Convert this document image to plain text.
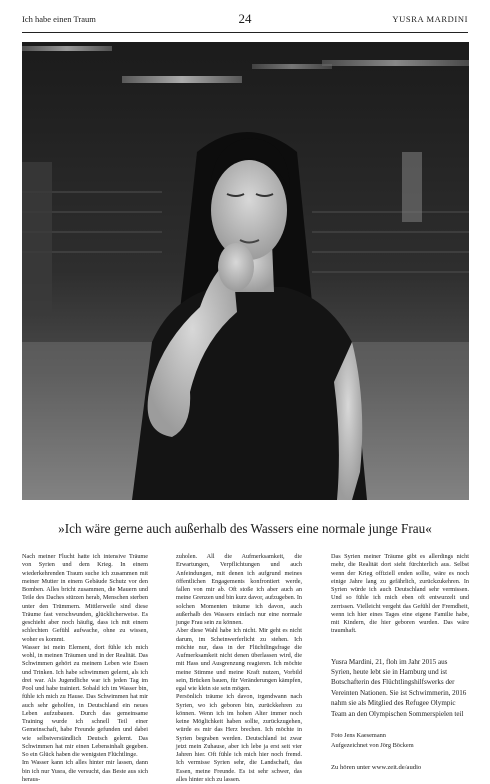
Ich habe einen Traum	24	YUSRA MARDINI
»Ich wäre gerne auch außerhalb des Wassers eine normale junge Frau«

Nach meiner Flucht hatte ich intensive Träume von Syrien und dem Krieg. In einem wiederkehrenden Traum suche ich zusammen mit meiner Mutter in einem Gebäude Schutz vor den Bomben. Alles bricht zusammen, die Mauern und Teile des Daches stürzen herab, Menschen sterben unter den Trümmern. Mittlerweile sind diese Träume fast verschwunden, glücklicherweise. Es geschieht aber noch häufig, dass ich mit einem schlechten Gefühl aufwache, ohne zu wissen, woher es kommt.

Wasser ist mein Element, dort fühle ich mich wohl, in meinen Träumen und in der Realität. Das Schwimmen gehört zu meinem Leben wie Essen und Trinken. Ich habe schwimmen gelernt, als ich drei war. Als Jugendliche war ich jeden Tag im Pool und habe trainiert. Sobald ich im Wasser bin, fühle ich mich zu Hause. Das Schwimmen hat mir auch sehr geholfen, in Deutschland ein neues Leben aufzubauen. Durch das gemeinsame Training wurde ich schnell Teil einer Gemeinschaft, habe Freunde gefunden und dabei wie selbstverständlich Deutsch gelernt. Das Schwimmen hat mir einen Lebensinhalt gegeben. So ein Glück haben die wenigsten Flüchtlinge.

Im Wasser kann ich alles hinter mir lassen, dann bin ich nur Yusra, die versucht, das Beste aus sich heraus-

zuholen. All die Aufmerksamkeit, die Erwartungen, Verpflichtungen und auch Anfeindungen, mit denen ich aufgrund meines öffentlichen Engagements konfrontiert werde, fallen von mir ab. Oft stoße ich aber auch an meine Grenzen und bin kurz davor, aufzugeben. In solchen Momenten träume ich davon, auch außerhalb des Wassers einfach nur eine normale junge Frau sein zu können.

Aber diese Wahl habe ich nicht. Mir geht es nicht darum, im Scheinwerferlicht zu stehen. Ich möchte nur, dass in der Flüchtlingsfrage die Aufmerksamkeit nicht denen überlassen wird, die mit Hass und Ausgrenzung reagieren. Ich möchte meine Stimme und meine Kraft nutzen, Vorbild sein, Brücken bauen, für Veränderungen kämpfen, egal wie klein sie sein mögen.

Persönlich träume ich davon, irgendwann nach Syrien, wo ich geboren bin, zurückkehren zu können. Wenn ich im hohen Alter immer noch keine Möglichkeit haben sollte, zurückzugehen, würde es mir das Herz brechen. Ich möchte in Syrien begraben werden. Deutschland ist zwar jetzt mein Zuhause, aber ich lebe ja erst seit vier Jahren hier. Oft fühle ich mich hier noch fremd. Ich vermisse Syrien sehr, die Landschaft, das Essen, meine Freunde. Es ist sehr schwer, das alles hinter sich zu lassen.

Das Syrien meiner Träume gibt es allerdings nicht mehr, die Realität dort sieht fürchterlich aus. Selbst wenn der Krieg offiziell enden sollte, wäre es noch einige Jahre lang zu gefährlich, zurückzukehren. In Syrien würde ich auch Deutschland sehr vermissen. Und so fühle ich mich eben oft entwurzelt und zerrissen. Vielleicht vergeht das Gefühl der Fremdheit, wenn ich hier eines Tages eine eigene Familie habe, mit Kindern, die hier geboren wurden. Das wäre traumhaft.

Yusra Mardini, 21, floh im Jahr 2015 aus Syrien, heute lebt sie in Hamburg und ist Botschafterin des Flüchtlingshilfswerks der Vereinten Nationen. Sie ist Schwimmerin, 2016 nahm sie als Mitglied des Refugee Olympic Team an den Olympischen Sommerspielen teil

Foto Jens Kaesemann
Aufgezeichnet von Jörg Böckem

Zu hören unter www.zeit.de/audio
